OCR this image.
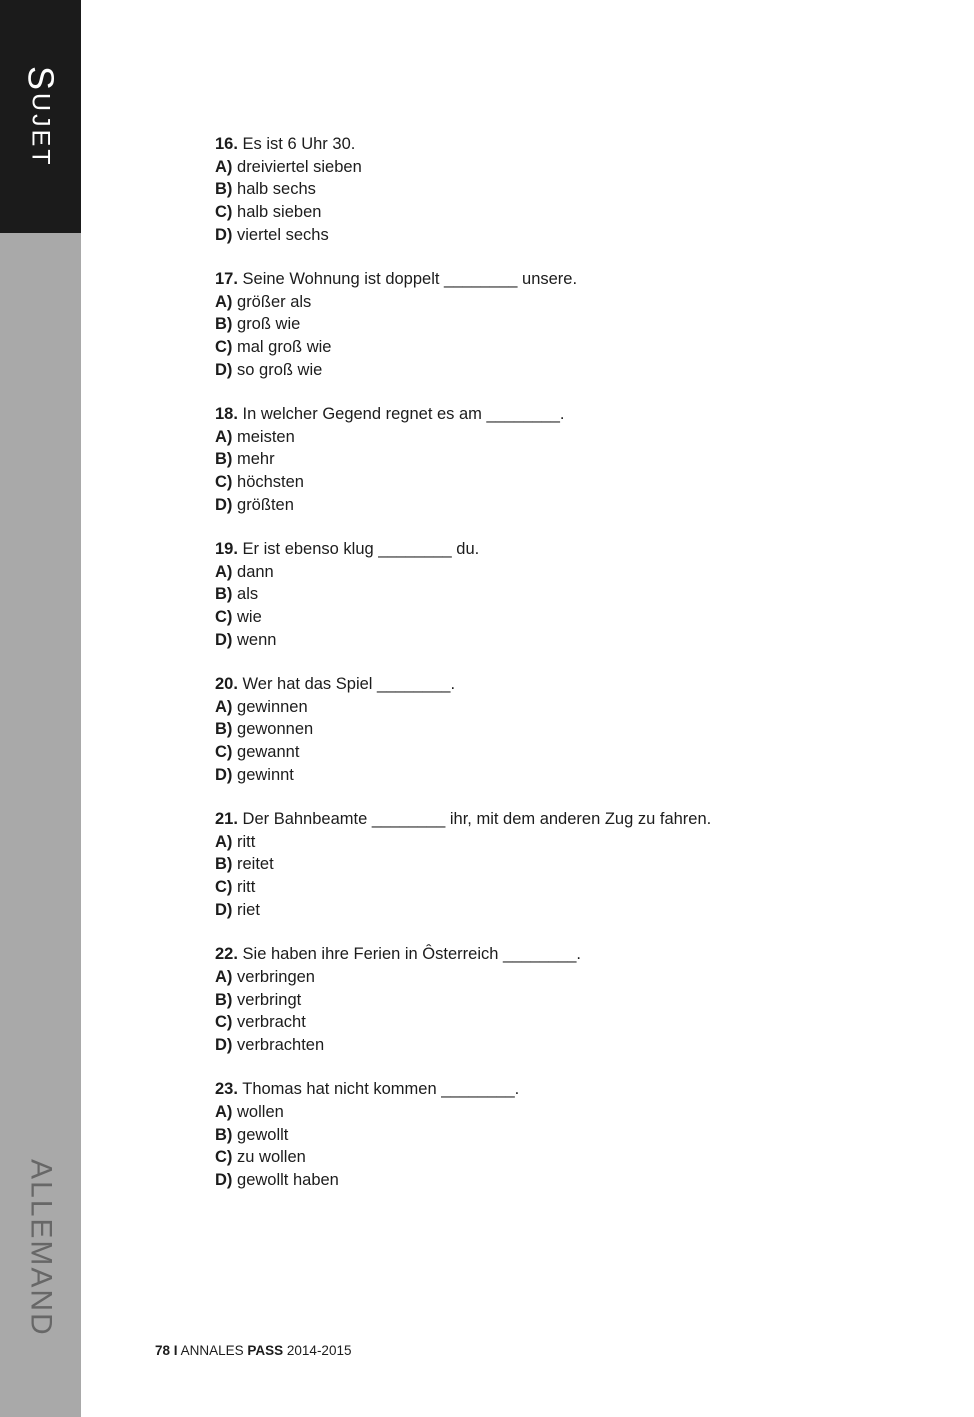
SUJET
ALLEMAND
16. Es ist 6 Uhr 30.
A) dreiviertel sieben
B) halb sechs
C) halb sieben
D) viertel sechs
17. Seine Wohnung ist doppelt ________ unsere.
A) größer als
B) groß wie
C) mal groß wie
D) so groß wie
18. In welcher Gegend regnet es am ________.
A) meisten
B) mehr
C) höchsten
D) größten
19. Er ist ebenso klug ________ du.
A) dann
B) als
C) wie
D) wenn
20. Wer hat das Spiel ________.
A) gewinnen
B) gewonnen
C) gewannt
D) gewinnt
21. Der Bahnbeamte ________ ihr, mit dem anderen Zug zu fahren.
A) ritt
B) reitet
C) ritt
D) riet
22. Sie haben ihre Ferien in Ôsterreich ________.
A) verbringen
B) verbringt
C) verbracht
D) verbrachten
23. Thomas hat nicht kommen ________.
A) wollen
B) gewollt
C) zu wollen
D) gewollt haben
78 I ANNALES PASS 2014-2015
